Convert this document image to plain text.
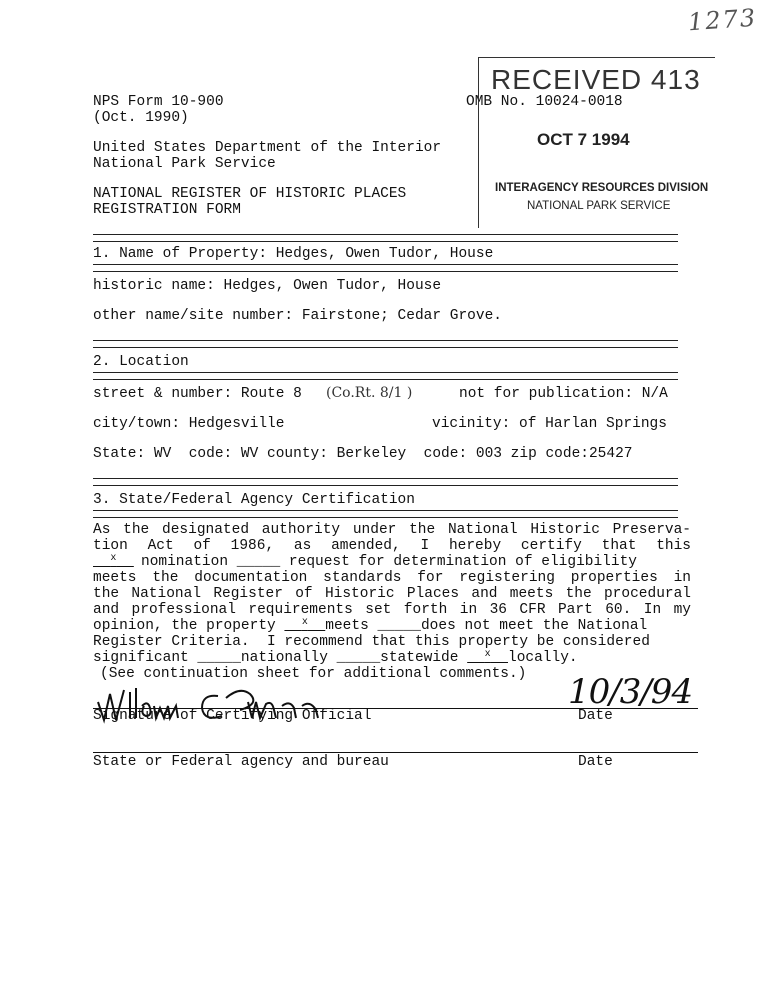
1273
NPS Form 10-900
(Oct. 1990)
OMB No. 10024-0018
United States Department of the Interior
National Park Service
NATIONAL REGISTER OF HISTORIC PLACES
REGISTRATION FORM
RECEIVED 413
OCT 7 1994
INTERAGENCY RESOURCES DIVISION
NATIONAL PARK SERVICE
1. Name of Property: Hedges, Owen Tudor, House
historic name: Hedges, Owen Tudor, House
other name/site number: Fairstone; Cedar Grove.
2. Location
street & number: Route 8 (Co.Rt. 8/1 )	not for publication: N/A
city/town: Hedgesville	vicinity: of Harlan Springs
State: WV  code: WV county: Berkeley  code: 003 zip code:25427
3. State/Federal Agency Certification
As the designated authority under the National Historic Preserva-
tion Act of 1986, as amended, I hereby certify that this
$^x$	nomination _____ request for determination of eligibility
meets the documentation standards for registering properties in
the National Register of Historic Places and meets the procedural
and professional requirements set forth in 36 CFR Part 60. In my
opinion, the property	$^x$ meets _____does not meet the National
Register Criteria.  I recommend that this property be considered
significant _____nationally _____statewide	$^x$ locally.
(See continuation sheet for additional comments.)
Signature of Certifying Official	Date
10/3/94
State or Federal agency and bureau	Date
